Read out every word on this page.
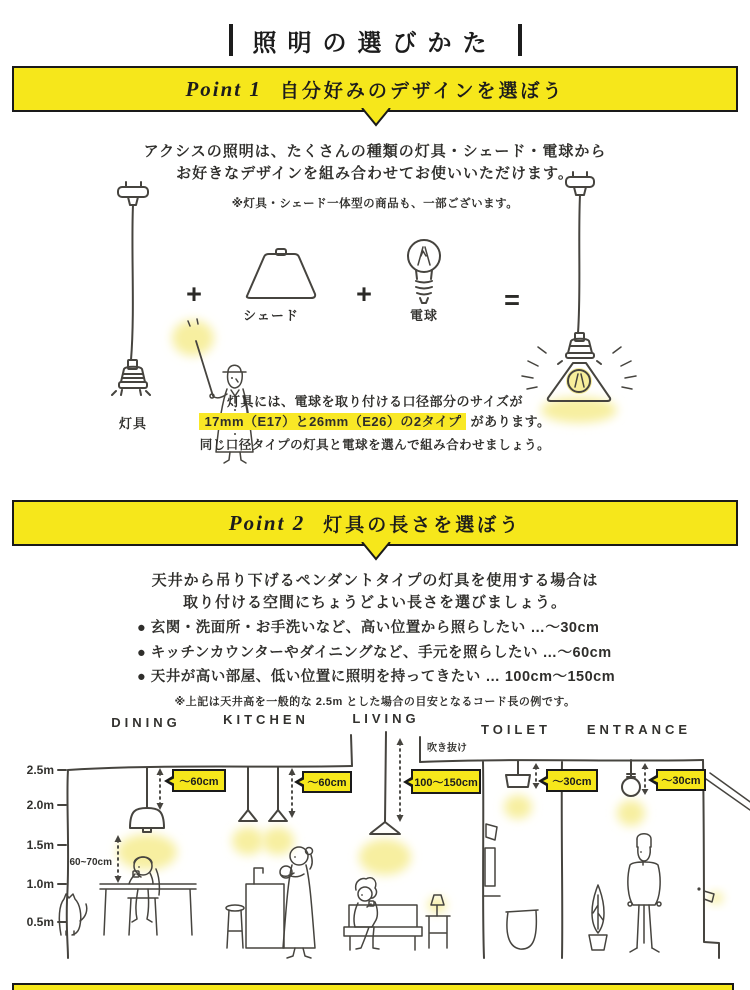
照明の選びかた
Point 1 自分好みのデザインを選ぼう
アクシスの照明は、たくさんの種類の灯具・シェード・電球から
お好きなデザインを組み合わせてお使いいただけます。
※灯具・シェード一体型の商品も、一部ございます。
+	+	=
灯具
シェード	電球
灯具には、電球を取り付ける口径部分のサイズが
17mm（E17）と26mm（E26）の2タイプ があります。
同じ口径タイプの灯具と電球を選んで組み合わせましょう。
Point 2 灯具の長さを選ぼう
天井から吊り下げるペンダントタイプの灯具を使用する場合は
取り付ける空間にちょうどよい長さを選びましょう。
● 玄関・洗面所・お手洗いなど、高い位置から照らしたい …～30cm
● キッチンカウンターやダイニングなど、手元を照らしたい …～60cm
● 天井が高い部屋、低い位置に照明を持ってきたい … 100cm～150cm
※上記は天井高を一般的な 2.5m とした場合の目安となるコード長の例です。
DINING	KITCHEN	LIVING
TOILET	ENTRANCE
吹き抜け
2.5m
2.0m
1.5m
1.0m
0.5m
60~70cm
～60cm	～60cm	100～150cm	～30cm	～30cm
